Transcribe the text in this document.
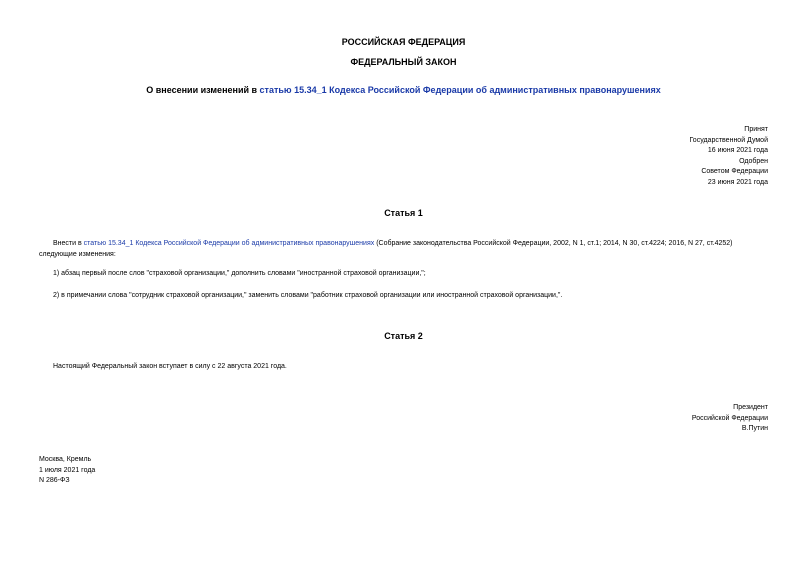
РОССИЙСКАЯ ФЕДЕРАЦИЯ
ФЕДЕРАЛЬНЫЙ ЗАКОН
О внесении изменений в статью 15.34_1 Кодекса Российской Федерации об административных правонарушениях
Принят
Государственной Думой
16 июня 2021 года
Одобрен
Советом Федерации
23 июня 2021 года
Статья 1
Внести в статью 15.34_1 Кодекса Российской Федерации об административных правонарушениях (Собрание законодательства Российской Федерации, 2002, N 1, ст.1; 2014, N 30, ст.4224; 2016, N 27, ст.4252) следующие изменения:
1) абзац первый после слов "страховой организации," дополнить словами "иностранной страховой организации,";
2) в примечании слова "сотрудник страховой организации," заменить словами "работник страховой организации или иностранной страховой организации,".
Статья 2
Настоящий Федеральный закон вступает в силу с 22 августа 2021 года.
Президент
Российской Федерации
В.Путин
Москва, Кремль
1 июля 2021 года
N 286-ФЗ
